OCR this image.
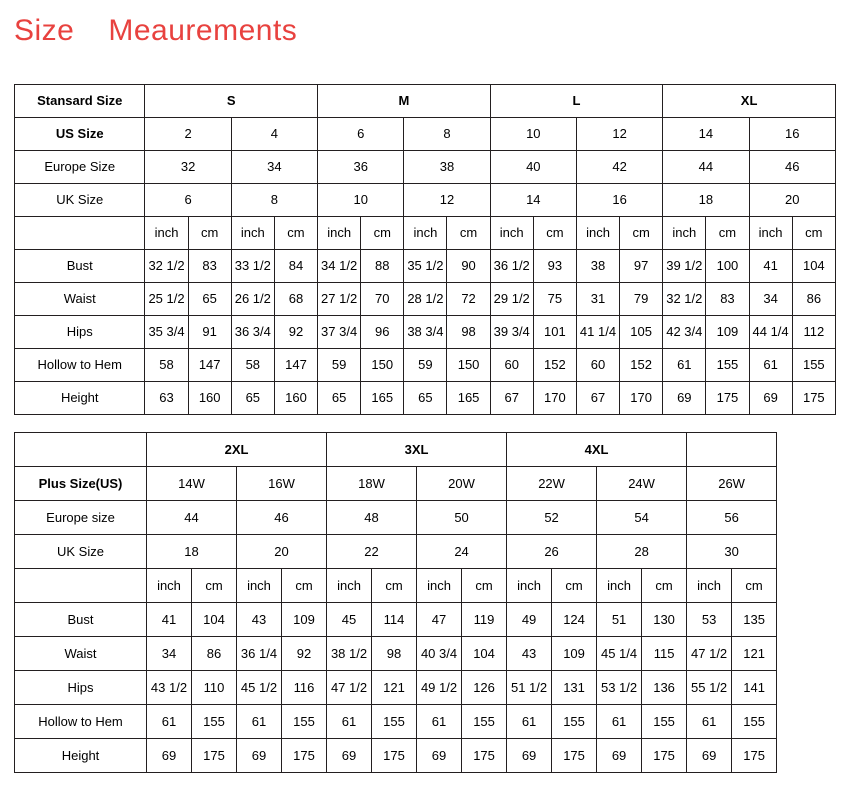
Size Meaurements
Stansard Size	S				M				L				XL			
US Size	2		4		6		8		10		12		14		16	
Europe Size	32		34		36		38		40		42		44		46	
UK Size	6		8		10		12		14		16		18		20	
	inch	cm	inch	cm	inch	cm	inch	cm	inch	cm	inch	cm	inch	cm	inch	cm
Bust	32 1/2	83	33 1/2	84	34 1/2	88	35 1/2	90	36 1/2	93	38	97	39 1/2	100	41	104
Waist	25 1/2	65	26 1/2	68	27 1/2	70	28 1/2	72	29 1/2	75	31	79	32 1/2	83	34	86
Hips	35 3/4	91	36 3/4	92	37 3/4	96	38 3/4	98	39 3/4	101	41 1/4	105	42 3/4	109	44 1/4	112
Hollow to Hem	58	147	58	147	59	150	59	150	60	152	60	152	61	155	61	155
Height	63	160	65	160	65	165	65	165	67	170	67	170	69	175	69	175
	2XL				3XL				4XL					
Plus Size(US)	14W		16W		18W		20W		22W		24W		26W	
Europe size	44		46		48		50		52		54		56	
UK Size	18		20		22		24		26		28		30	
	inch	cm	inch	cm	inch	cm	inch	cm	inch	cm	inch	cm	inch	cm
Bust	41	104	43	109	45	114	47	119	49	124	51	130	53	135
Waist	34	86	36 1/4	92	38 1/2	98	40 3/4	104	43	109	45 1/4	115	47 1/2	121
Hips	43 1/2	110	45 1/2	116	47 1/2	121	49 1/2	126	51 1/2	131	53 1/2	136	55 1/2	141
Hollow to Hem	61	155	61	155	61	155	61	155	61	155	61	155	61	155
Height	69	175	69	175	69	175	69	175	69	175	69	175	69	175
